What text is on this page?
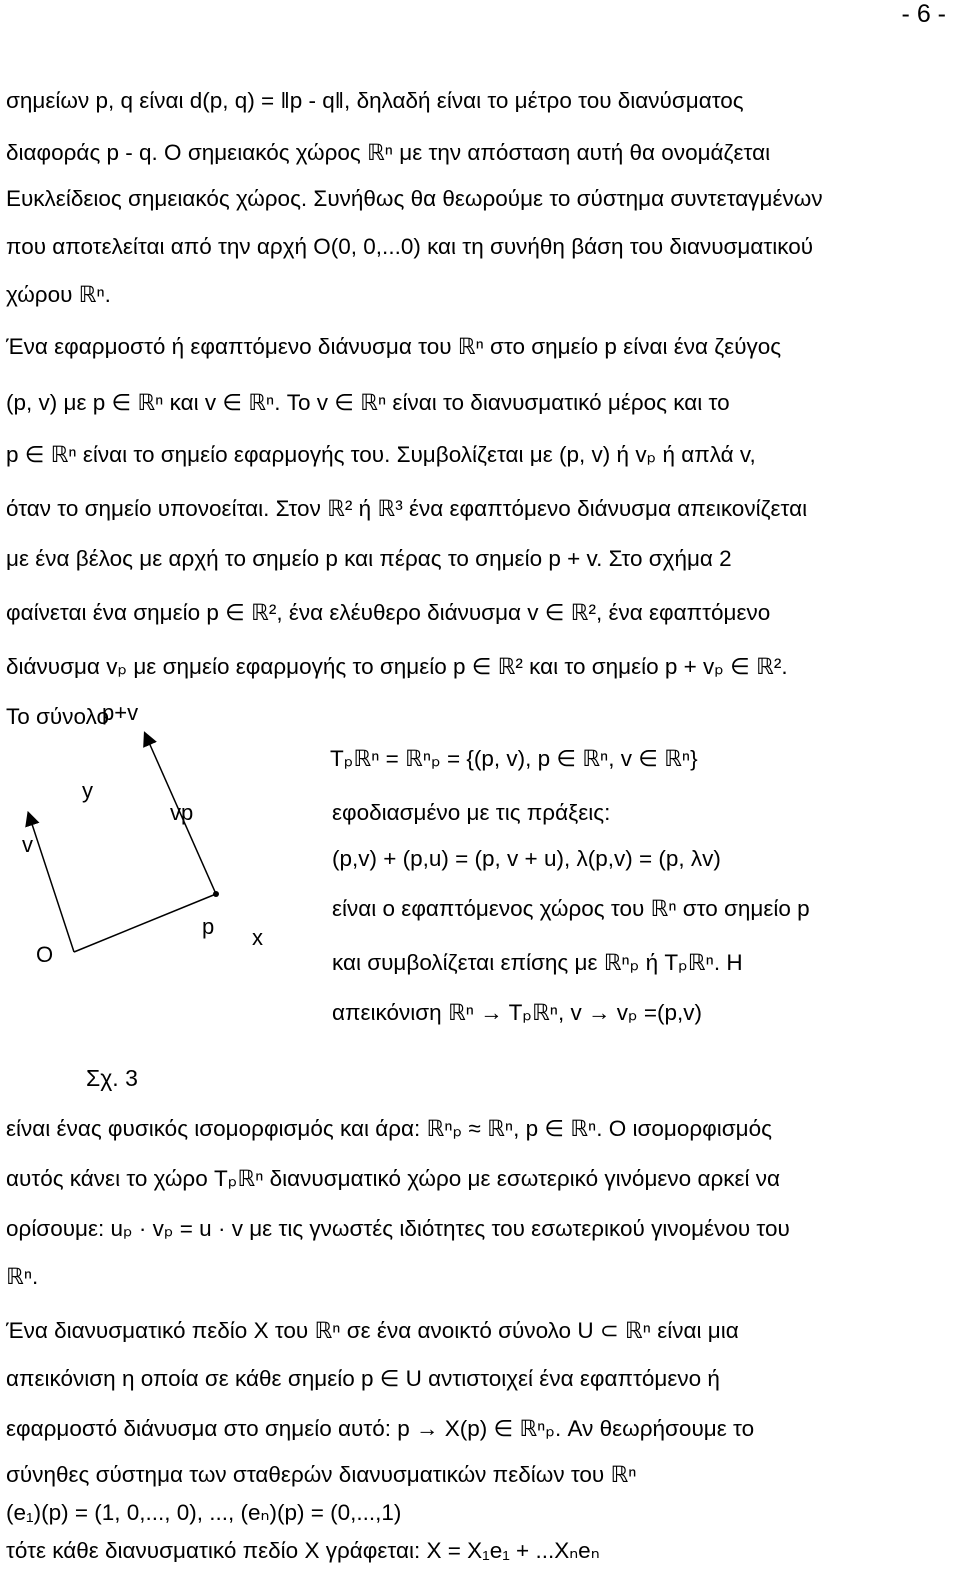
- 6 -
σημείων p, q είναι d(p, q) = ‖p - q‖, δηλαδή είναι το μέτρο του διανύσματος
διαφοράς p - q. Ο σημειακός χώρος ℝⁿ με την απόσταση αυτή θα ονομάζεται
Ευκλείδειος σημειακός χώρος. Συνήθως θα θεωρούμε το σύστημα συντεταγμένων
που αποτελείται από την αρχή O(0, 0,...0) και τη συνήθη βάση του διανυσματικού
χώρου ℝⁿ.
Ένα εφαρμοστό ή εφαπτόμενο διάνυσμα του ℝⁿ στο σημείο p είναι ένα ζεύγος
(p, v) με p ∈ ℝⁿ και v ∈ ℝⁿ. Το v ∈ ℝⁿ είναι το διανυσματικό μέρος και το
p ∈ ℝⁿ είναι το σημείο εφαρμογής του. Συμβολίζεται με (p, v) ή vₚ ή απλά v,
όταν το σημείο υπονοείται. Στον ℝ² ή ℝ³ ένα εφαπτόμενο διάνυσμα απεικονίζεται
με ένα βέλος με αρχή το σημείο p και πέρας το σημείο p + v. Στο σχήμα 2
φαίνεται ένα σημείο p ∈ ℝ², ένα ελέυθερο διάνυσμα v ∈ ℝ², ένα εφαπτόμενο
διάνυσμα vₚ με σημείο εφαρμογής το σημείο p ∈ ℝ² και το σημείο p + vₚ ∈ ℝ².
Το σύνολο
Tₚℝⁿ = ℝⁿₚ = {(p, v), p ∈ ℝⁿ, v ∈ ℝⁿ}
εφοδιασμένο με τις πράξεις:
(p,v) + (p,u) = (p, v + u), λ(p,v) = (p, λv)
είναι ο εφαπτόμενος χώρος του ℝⁿ στο σημείο p
και συμβολίζεται επίσης με ℝⁿₚ ή Tₚℝⁿ. Η
απεικόνιση ℝⁿ → Tₚℝⁿ, v → vₚ =(p,v)
p+v
y
vp
v
p
O
x
Σχ. 3
είναι ένας φυσικός ισομορφισμός και άρα: ℝⁿₚ ≈ ℝⁿ, p ∈ ℝⁿ. Ο ισομορφισμός
αυτός κάνει το χώρο Tₚℝⁿ διανυσματικό χώρο με εσωτερικό γινόμενο αρκεί να
ορίσουμε: uₚ · vₚ = u · v με τις γνωστές ιδιότητες του εσωτερικού γινομένου του
ℝⁿ.
Ένα διανυσματικό πεδίο X του ℝⁿ σε ένα ανοικτό σύνολο U ⊂ ℝⁿ είναι μια
απεικόνιση η οποία σε κάθε σημείο p ∈ U αντιστοιχεί ένα εφαπτόμενο ή
εφαρμοστό διάνυσμα στο σημείο αυτό: p → X(p) ∈ ℝⁿₚ. Αν θεωρήσουμε το
σύνηθες σύστημα των σταθερών διανυσματικών πεδίων του ℝⁿ
(e₁)(p) = (1, 0,..., 0), ..., (eₙ)(p) = (0,...,1)
τότε κάθε διανυσματικό πεδίο X γράφεται: X = X₁e₁ + ...Xₙeₙ
